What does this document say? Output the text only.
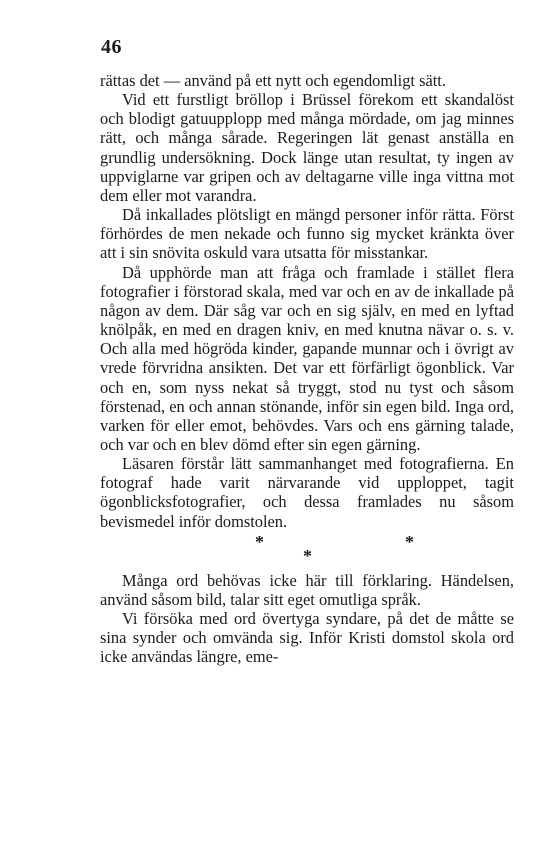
46

rättas det — använd på ett nytt och egendomligt sätt.

Vid ett furstligt bröllop i Brüssel förekom ett skandalöst och blodigt gatuupplopp med många mördade, om jag minnes rätt, och många sårade. Regeringen lät genast anställa en grundlig undersökning. Dock länge utan resultat, ty ingen av uppviglarne var gripen och av deltagarne ville inga vittna mot dem eller mot varandra.

Då inkallades plötsligt en mängd personer inför rätta. Först förhördes de men nekade och funno sig mycket kränkta över att i sin snövita oskuld vara utsatta för misstankar.

Då upphörde man att fråga och framlade i stället flera fotografier i förstorad skala, med var och en av de inkallade på någon av dem. Där såg var och en sig själv, en med en lyftad knölpåk, en med en dragen kniv, en med knutna nävar o. s. v. Och alla med högröda kinder, gapande munnar och i övrigt av vrede förvridna ansikten. Det var ett förfärligt ögonblick. Var och en, som nyss nekat så tryggt, stod nu tyst och såsom förstenad, en och annan stönande, inför sin egen bild. Inga ord, varken för eller emot, behövdes. Vars och ens gärning talade, och var och en blev dömd efter sin egen gärning.

Läsaren förstår lätt sammanhanget med fotografierna. En fotograf hade varit närvarande vid upploppet, tagit ögonblicksfotografier, och dessa framlades nu såsom bevismedel inför domstolen.

*	*
*

Många ord behövas icke här till förklaring. Händelsen, använd såsom bild, talar sitt eget omutliga språk.

Vi försöka med ord övertyga syndare, på det de måtte se sina synder och omvända sig. Inför Kristi domstol skola ord icke användas längre, eme-
